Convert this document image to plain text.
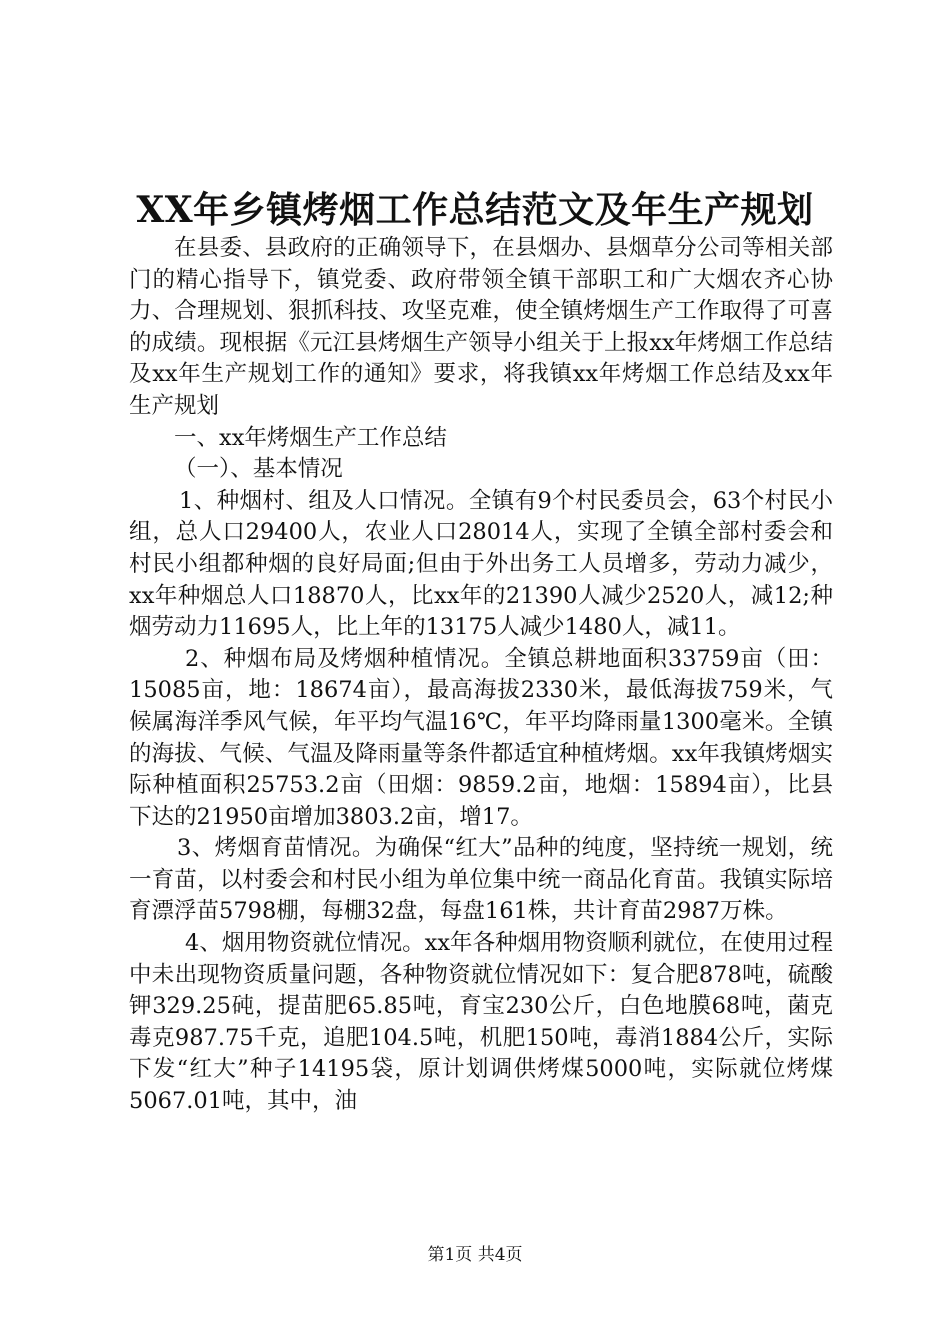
XX年乡镇烤烟工作总结范文及年生产规划

在县委、县政府的正确领导下，在县烟办、县烟草分公司等相关部门的精心指导下，镇党委、政府带领全镇干部职工和广大烟农齐心协力、合理规划、狠抓科技、攻坚克难，使全镇烤烟生产工作取得了可喜的成绩。现根据《元江县烤烟生产领导小组关于上报xx年烤烟工作总结及xx年生产规划工作的通知》要求，将我镇xx年烤烟工作总结及xx年生产规划

一、xx年烤烟生产工作总结

（一）、基本情况

1、种烟村、组及人口情况。全镇有9个村民委员会，63个村民小组，总人口29400人，农业人口28014人，实现了全镇全部村委会和村民小组都种烟的良好局面;但由于外出务工人员增多，劳动力减少，xx年种烟总人口18870人，比xx年的21390人减少2520人，减12;种烟劳动力11695人，比上年的13175人减少1480人，减11。

2、种烟布局及烤烟种植情况。全镇总耕地面积33759亩（田：15085亩，地：18674亩），最高海拔2330米，最低海拔759米，气候属海洋季风气候，年平均气温16℃，年平均降雨量1300毫米。全镇的海拔、气候、气温及降雨量等条件都适宜种植烤烟。xx年我镇烤烟实际种植面积25753.2亩（田烟：9859.2亩，地烟：15894亩），比县下达的21950亩增加3803.2亩，增17。

3、烤烟育苗情况。为确保“红大”品种的纯度，坚持统一规划，统一育苗，以村委会和村民小组为单位集中统一商品化育苗。我镇实际培育漂浮苗5798棚，每棚32盘，每盘161株，共计育苗2987万株。

4、烟用物资就位情况。xx年各种烟用物资顺利就位，在使用过程中未出现物资质量问题，各种物资就位情况如下：复合肥878吨，硫酸钾329.25砘，提苗肥65.85吨，育宝230公斤，白色地膜68吨，菌克毒克987.75千克，追肥104.5吨，机肥150吨，毒消1884公斤，实际下发“红大”种子14195袋，原计划调供烤煤5000吨，实际就位烤煤5067.01吨，其中，油

第1页 共4页
